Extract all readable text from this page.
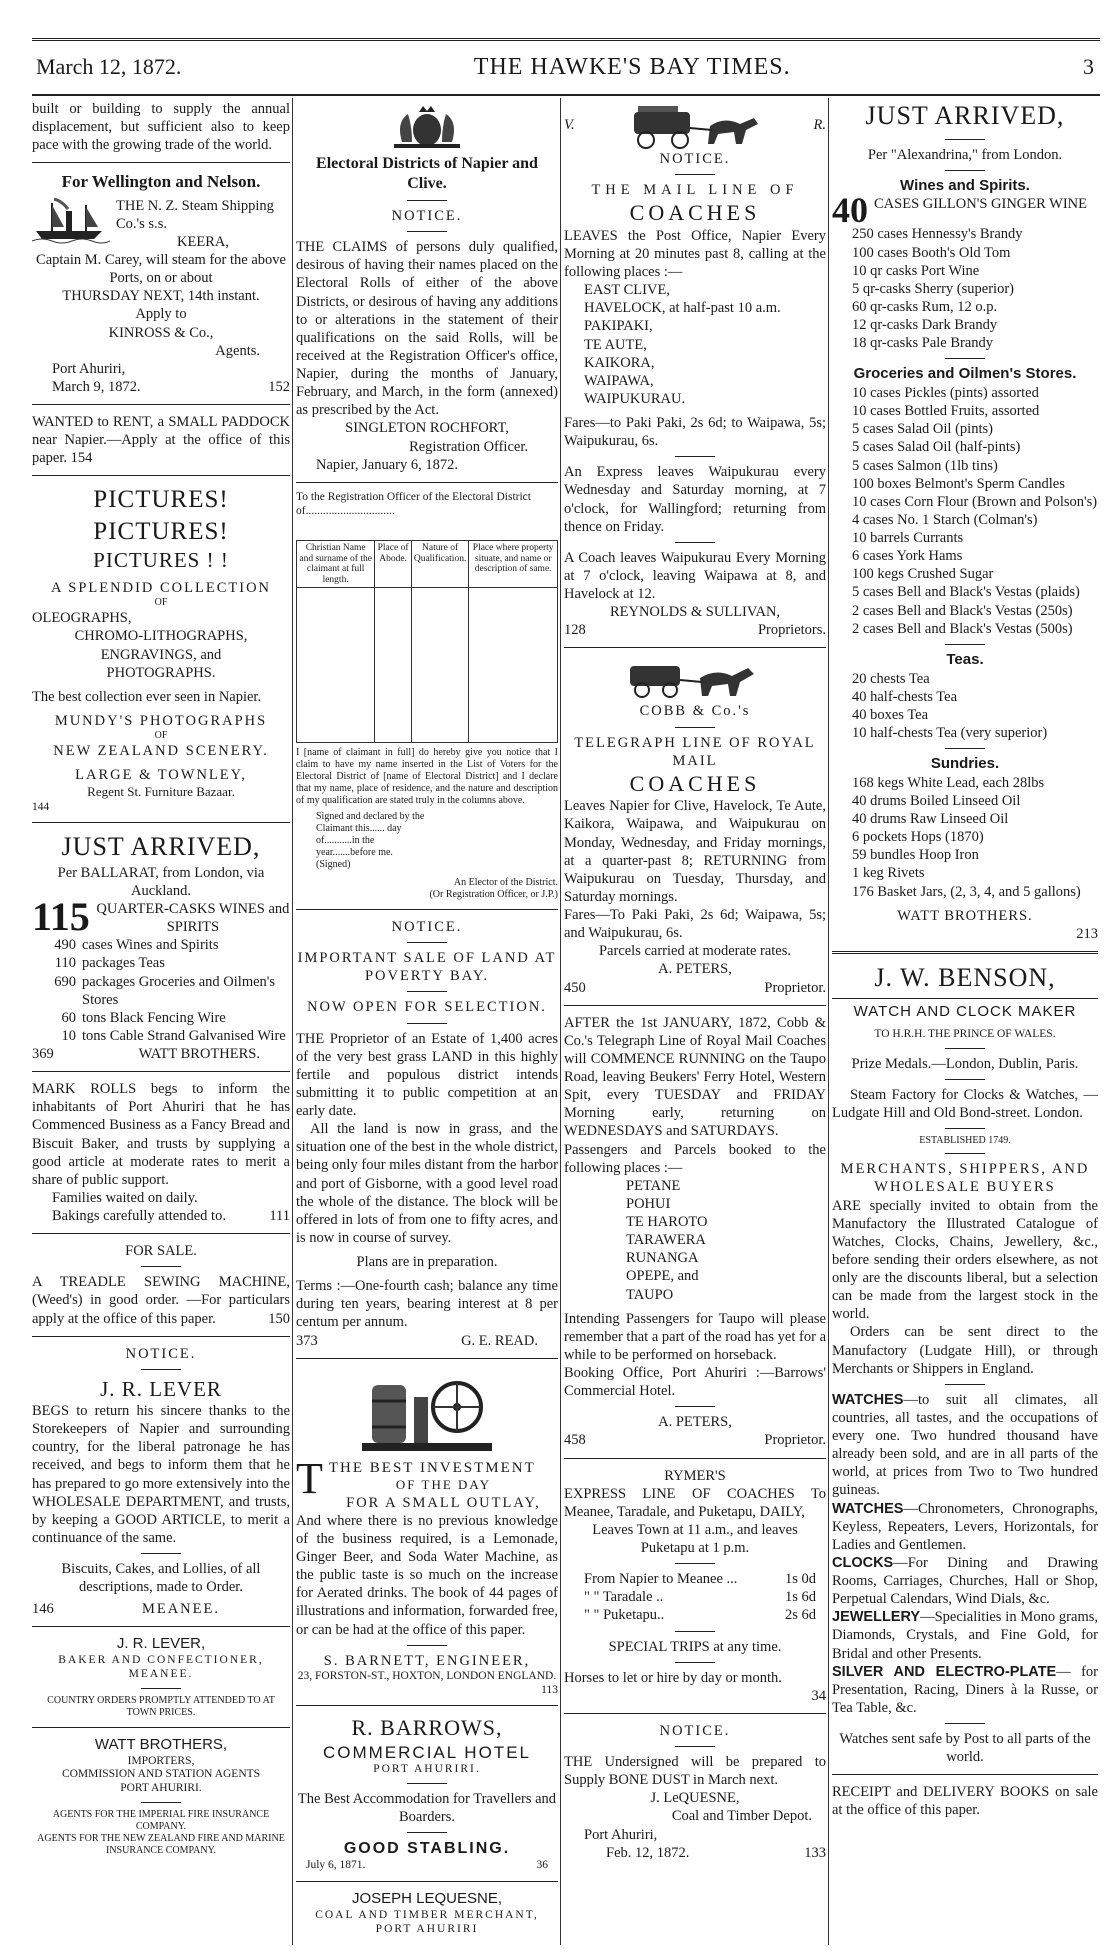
March 12, 1872.	THE HAWKE'S BAY TIMES.	3

built or building to supply the annual displacement, but sufficient also to keep pace with the growing trade of the world.

For Wellington and Nelson.

THE N. Z. Steam Shipping Co.'s s.s.

KEERA,

Captain M. Carey, will steam for the above Ports, on or about

THURSDAY NEXT, 14th instant.

Apply to

KINROSS & Co.,

Agents.

Port Ahuriri,

March 9, 1872.	152

WANTED to RENT, a SMALL PADDOCK near Napier.—Apply at the office of this paper. 154

PICTURES! PICTURES!

PICTURES ! !

A SPLENDID COLLECTION

OF

OLEOGRAPHS,

CHROMO-LITHOGRAPHS,

ENGRAVINGS, and

PHOTOGRAPHS.

The best collection ever seen in Napier.

MUNDY'S PHOTOGRAPHS

OF

NEW ZEALAND SCENERY.

LARGE & TOWNLEY,

Regent St. Furniture Bazaar.

144

JUST ARRIVED,

Per BALLARAT, from London, via Auckland.

115 QUARTER-CASKS WINES and SPIRITS

490 cases Wines and Spirits
110 packages Teas
690 packages Groceries and Oilmen's Stores
60 tons Black Fencing Wire
10 tons Cable Strand Galvanised Wire
369	WATT BROTHERS.

MARK ROLLS begs to inform the inhabitants of Port Ahuriri that he has Commenced Business as a Fancy Bread and Biscuit Baker, and trusts by supplying a good article at moderate rates to merit a share of public support.

Families waited on daily.

Bakings carefully attended to.	111

FOR SALE.

A TREADLE SEWING MACHINE, (Weed's) in good order. —For particulars apply at the office of this paper.	150

NOTICE.

J. R. LEVER

BEGS to return his sincere thanks to the Storekeepers of Napier and surrounding country, for the liberal patronage he has received, and begs to inform them that he has prepared to go more extensively into the WHOLESALE DEPARTMENT, and trusts, by keeping a GOOD ARTICLE, to merit a continuance of the same.

Biscuits, Cakes, and Lollies, of all descriptions, made to Order.

146	MEANEE.

J. R. LEVER,

BAKER AND CONFECTIONER,

MEANEE.

COUNTRY ORDERS PROMPTLY ATTENDED TO AT TOWN PRICES.

WATT BROTHERS,

IMPORTERS,

COMMISSION AND STATION AGENTS

PORT AHURIRI.

AGENTS FOR THE IMPERIAL FIRE INSURANCE COMPANY.

AGENTS FOR THE NEW ZEALAND FIRE AND MARINE INSURANCE COMPANY.

Electoral Districts of Napier and Clive.

NOTICE.

THE CLAIMS of persons duly qualified, desirous of having their names placed on the Electoral Rolls of either of the above Districts, or desirous of having any additions to or alterations in the statement of their qualifications on the said Rolls, will be received at the Registration Officer's office, Napier, during the months of January, February, and March, in the form (annexed) as prescribed by the Act.

SINGLETON ROCHFORT,

Registration Officer.

Napier, January 6, 1872.

To the Registration Officer of the Electoral District of...............................

Christian Name and surname of the claimant at full length.	Place of Abode.	Nature of Qualification.	Place where property situate, and name or description of same.

I [name of claimant in full] do hereby give you notice that I claim to have my name inserted in the List of Voters for the Electoral District of [name of Electoral District] and I declare that my name, place of residence, and the nature and description of my qualification are stated truly in the columns above.

Signed and declared by the Claimant this...... day of...........in the year.......before me. (Signed)

An Elector of the District.

(Or Registration Officer, or J.P.)

NOTICE.

IMPORTANT SALE OF LAND AT POVERTY BAY.

NOW OPEN FOR SELECTION.

THE Proprietor of an Estate of 1,400 acres of the very best grass LAND in this highly fertile and populous district intends submitting it to public competition at an early date.

All the land is now in grass, and the situation one of the best in the whole district, being only four miles distant from the harbor and port of Gisborne, with a good level road the whole of the distance. The block will be offered in lots of from one to fifty acres, and is now in course of survey.

Plans are in preparation.

Terms :—One-fourth cash; balance any time during ten years, bearing interest at 8 per centum per annum.

373	G. E. READ.

TTHE BEST INVESTMENT

OF THE DAY

FOR A SMALL OUTLAY,

And where there is no previous knowledge of the business required, is a Lemonade, Ginger Beer, and Soda Water Machine, as the public taste is so much on the increase for Aerated drinks. The book of 44 pages of illustrations and information, forwarded free, or can be had at the office of this paper.

S. BARNETT, ENGINEER,

23, FORSTON-ST., HOXTON, LONDON ENGLAND.

113

R. BARROWS,

COMMERCIAL HOTEL

PORT AHURIRI.

The Best Accommodation for Travellers and Boarders.

GOOD STABLING.

July 6, 1871.	36

JOSEPH LEQUESNE,

COAL AND TIMBER MERCHANT,

PORT AHURIRI

V.	R.

NOTICE.

THE MAIL LINE OF

COACHES

LEAVES the Post Office, Napier Every Morning at 20 minutes past 8, calling at the following places :—

EAST CLIVE,

HAVELOCK, at half-past 10 a.m.

PAKIPAKI,

TE AUTE,

KAIKORA,

WAIPAWA,

WAIPUKURAU.

Fares—to Paki Paki, 2s 6d; to Waipawa, 5s; Waipukurau, 6s.

An Express leaves Waipukurau every Wednesday and Saturday morning, at 7 o'clock, for Wallingford; returning from thence on Friday.

A Coach leaves Waipukurau Every Morning at 7 o'clock, leaving Waipawa at 8, and Havelock at 12.

REYNOLDS & SULLIVAN,

128	Proprietors.

COBB & Co.'s

TELEGRAPH LINE OF ROYAL MAIL

COACHES

Leaves Napier for Clive, Havelock, Te Aute, Kaikora, Waipawa, and Waipukurau on Monday, Wednesday, and Friday mornings, at a quarter-past 8; RETURNING from Waipukurau on Tuesday, Thursday, and Saturday mornings.

Fares—To Paki Paki, 2s 6d; Waipawa, 5s; and Waipukurau, 6s.

Parcels carried at moderate rates.

A. PETERS,

450	Proprietor.

AFTER the 1st JANUARY, 1872, Cobb & Co.'s Telegraph Line of Royal Mail Coaches will COMMENCE RUNNING on the Taupo Road, leaving Beukers' Ferry Hotel, Western Spit, every TUESDAY and FRIDAY Morning early, returning on WEDNESDAYS and SATURDAYS.

Passengers and Parcels booked to the following places :—

PETANE

POHUI

TE HAROTO

TARAWERA

RUNANGA

OPEPE, and

TAUPO

Intending Passengers for Taupo will please remember that a part of the road has yet for a while to be performed on horseback.

Booking Office, Port Ahuriri :—Barrows' Commercial Hotel.

A. PETERS,

458	Proprietor.

RYMER'S

EXPRESS LINE OF COACHES To Meanee, Taradale, and Puketapu, DAILY,

Leaves Town at 11 a.m., and leaves Puketapu at 1 p.m.

From Napier to Meanee ...	1s 0d
" " Taradale ..	1s 6d
" " Puketapu..	2s 6d

SPECIAL TRIPS at any time.

Horses to let or hire by day or month.

34

NOTICE.

THE Undersigned will be prepared to Supply BONE DUST in March next.

J. LeQUESNE,

Coal and Timber Depot.

Port Ahuriri,

Feb. 12, 1872.	133

JUST ARRIVED,

Per "Alexandrina," from London.

Wines and Spirits.

40 CASES GILLON'S GINGER WINE

250 cases Hennessy's Brandy

100 cases Booth's Old Tom

10 qr casks Port Wine

5 qr-casks Sherry (superior)

60 qr-casks Rum, 12 o.p.

12 qr-casks Dark Brandy

18 qr-casks Pale Brandy

Groceries and Oilmen's Stores.

10 cases Pickles (pints) assorted

10 cases Bottled Fruits, assorted

5 cases Salad Oil (pints)

5 cases Salad Oil (half-pints)

5 cases Salmon (1lb tins)

100 boxes Belmont's Sperm Candles

10 cases Corn Flour (Brown and Polson's)

4 cases No. 1 Starch (Colman's)

10 barrels Currants

6 cases York Hams

100 kegs Crushed Sugar

5 cases Bell and Black's Vestas (plaids)

2 cases Bell and Black's Vestas (250s)

2 cases Bell and Black's Vestas (500s)

Teas.

20 chests Tea

40 half-chests Tea

40 boxes Tea

10 half-chests Tea (very superior)

Sundries.

168 kegs White Lead, each 28lbs

40 drums Boiled Linseed Oil

40 drums Raw Linseed Oil

6 pockets Hops (1870)

59 bundles Hoop Iron

1 keg Rivets

176 Basket Jars, (2, 3, 4, and 5 gallons)

WATT BROTHERS.

213

J. W. BENSON,

WATCH AND CLOCK MAKER

TO H.R.H. THE PRINCE OF WALES.

Prize Medals.—London, Dublin, Paris.

Steam Factory for Clocks & Watches, —Ludgate Hill and Old Bond-street. London.

ESTABLISHED 1749.

MERCHANTS, SHIPPERS, AND WHOLESALE BUYERS

ARE specially invited to obtain from the Manufactory the Illustrated Catalogue of Watches, Clocks, Chains, Jewellery, &c., before sending their orders elsewhere, as not only are the discounts liberal, but a selection can be made from the largest stock in the world.

Orders can be sent direct to the Manufactory (Ludgate Hill), or through Merchants or Shippers in England.

WATCHES—to suit all climates, all countries, all tastes, and the occupations of every one. Two hundred thousand have already been sold, and are in all parts of the world, at prices from Two to Two hundred guineas.

WATCHES—Chronometers, Chronographs, Keyless, Repeaters, Levers, Horizontals, for Ladies and Gentlemen.

CLOCKS—For Dining and Drawing Rooms, Carriages, Churches, Hall or Shop, Perpetual Calendars, Wind Dials, &c.

JEWELLERY—Specialities in Mono grams, Diamonds, Crystals, and Fine Gold, for Bridal and other Presents.

SILVER AND ELECTRO-PLATE— for Presentation, Racing, Diners à la Russe, or Tea Table, &c.

Watches sent safe by Post to all parts of the world.

RECEIPT and DELIVERY BOOKS on sale at the office of this paper.
